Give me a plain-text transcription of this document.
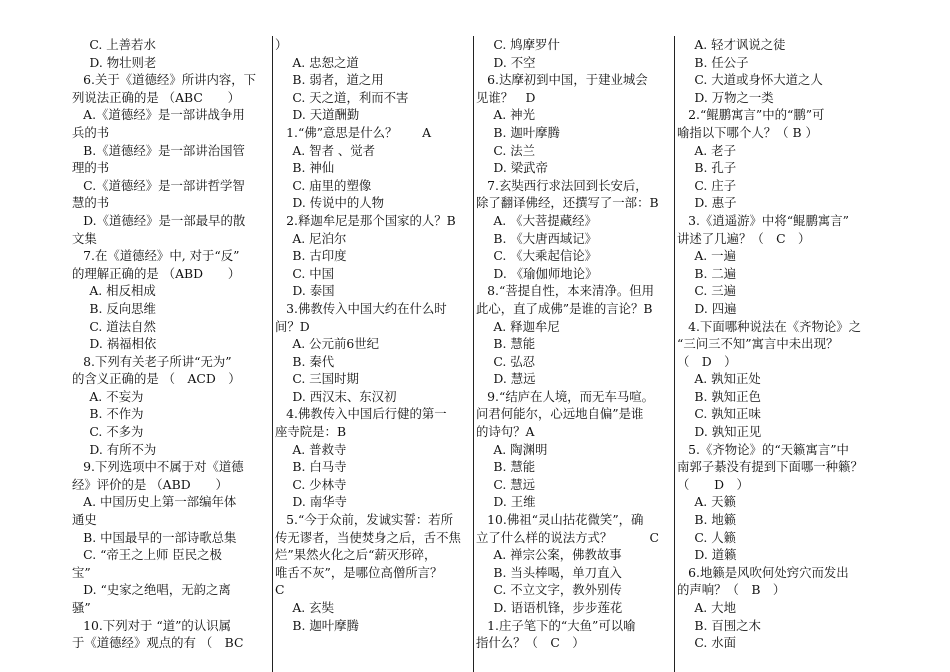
C. 上善若水
D. 物壮则老
6.关于《道德经》所讲内容，下
列说法正确的是 （ABC　　）
A.《道德经》是一部讲战争用
兵的书
B.《道德经》是一部讲治国管
理的书
C.《道德经》是一部讲哲学智
慧的书
D.《道德经》是一部最早的散
文集
7.在《道德经》中, 对于“反”
的理解正确的是 （ABD　　）
A. 相反相成
B. 反向思维
C. 道法自然
D. 祸福相依
8.下列有关老子所讲“无为”
的含义正确的是 （　ACD　）
A. 不妄为
B. 不作为
C. 不多为
D. 有所不为
9.下列选项中不属于对《道德
经》评价的是 （ABD　　）
A. 中国历史上第一部编年体
通史
B. 中国最早的一部诗歌总集
C. “帝王之上师 臣民之极
宝”
D. “史家之绝唱，无韵之离
骚”
10.下列对于 “道”的认识属
于《道德经》观点的有 （　BC
）
A. 忠恕之道
B. 弱者，道之用
C. 天之道，利而不害
D. 天道酬勤
1.“佛”意思是什么？　　A
A. 智者 、觉者
B. 神仙
C. 庙里的塑像
D. 传说中的人物
2.释迦牟尼是那个国家的人？B
A. 尼泊尔
B. 古印度
C. 中国
D. 泰国
3.佛教传入中国大约在什么时
间？D
A. 公元前6世纪
B. 秦代
C. 三国时期
D. 西汉末、东汉初
4.佛教传入中国后行健的第一
座寺院是：B
A. 普救寺
B. 白马寺
C. 少林寺
D. 南华寺
5.“今于众前，发诚实誓：若所
传无谬者，当使焚身之后，舌不焦
烂”果然火化之后“薪灭形碎，
唯舌不灰”，是哪位高僧所言？
C
A. 玄奘
B. 迦叶摩腾
C. 鸠摩罗什
D. 不空
6.达摩初到中国，于建业城会
见谁？　D
A. 神光
B. 迦叶摩腾
C. 法兰
D. 梁武帝
7.玄奘西行求法回到长安后，
除了翻译佛经，还撰写了一部：B
A. 《大菩提藏经》
B. 《大唐西域记》
C. 《大乘起信论》
D. 《瑜伽师地论》
8.“菩提自性，本来清净。但用
此心，直了成佛”是谁的言论？B
A. 释迦牟尼
B. 慧能
C. 弘忍
D. 慧远
9.“结庐在人境，而无车马喧。
问君何能尔，心远地自偏”是谁
的诗句？A
A. 陶渊明
B. 慧能
C. 慧远
D. 王维
10.佛祖“灵山拈花微笑”，确
立了什么样的说法方式？　　　C
A. 禅宗公案，佛教故事
B. 当头棒喝，单刀直入
C. 不立文字，教外别传
D. 语语机锋，步步莲花
1.庄子笔下的“大鱼”可以喻
指什么？（　C　）
A. 轻才讽说之徒
B. 任公子
C. 大道或身怀大道之人
D. 万物之一类
2.“鲲鹏寓言”中的“鹏”可
喻指以下哪个人？（ B ）
A. 老子
B. 孔子
C. 庄子
D. 惠子
3.《逍遥游》中将“鲲鹏寓言”
讲述了几遍？（　C　）
A. 一遍
B. 二遍
C. 三遍
D. 四遍
4.下面哪种说法在《齐物论》之
“三问三不知”寓言中未出现？
（　D　）
A. 孰知正处
B. 孰知正色
C. 孰知正味
D. 孰知正见
5.《齐物论》的“天籁寓言”中
南郭子綦没有提到下面哪一种籁？
（　　D　）
A. 天籁
B. 地籁
C. 人籁
D. 道籁
6.地籁是风吹何处窍穴而发出
的声响？（　B　）
A. 大地
B. 百围之木
C. 水面
